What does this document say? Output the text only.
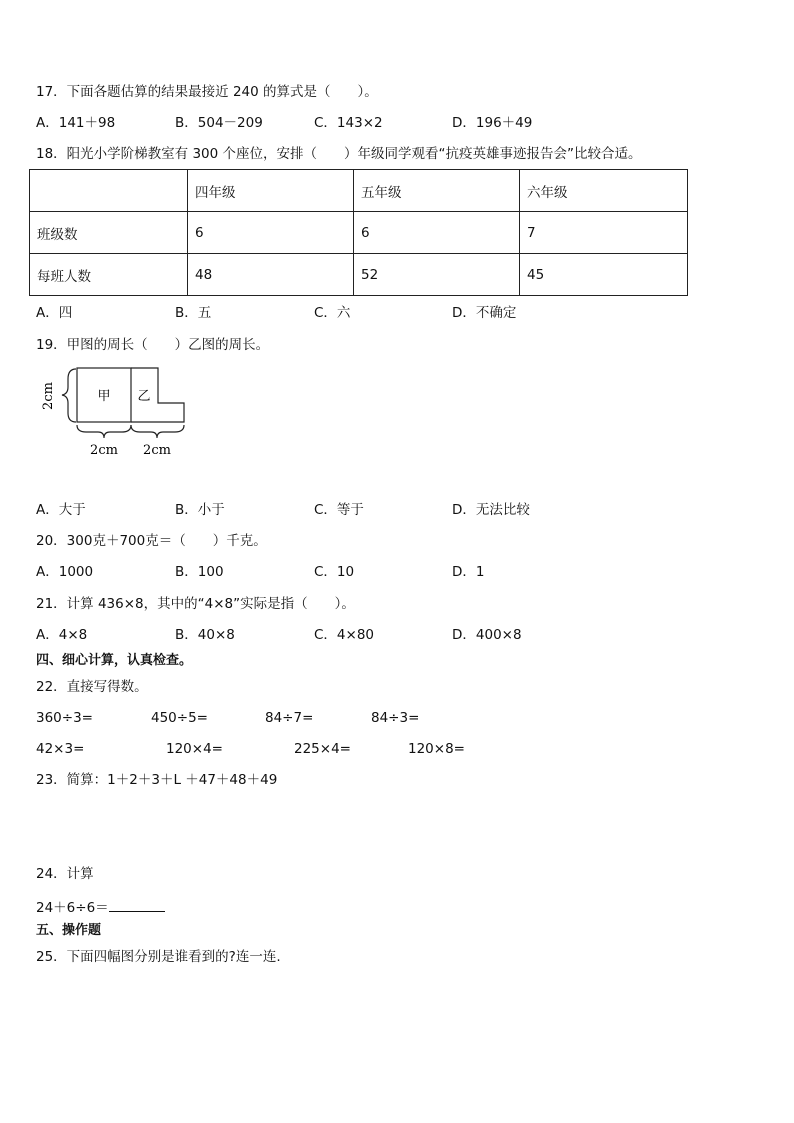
17．下面各题估算的结果最接近 240 的算式是（　　）。
A．141＋98	B．504－209	C．143×2	D．196＋49
18．阳光小学阶梯教室有 300 个座位，安排（　　）年级同学观看“抗疫英雄事迹报告会”比较合适。
	四年级	五年级	六年级
班级数	6	6	7
每班人数	48	52	45
A．四	B．五	C．六	D．不确定
19．甲图的周长（　　）乙图的周长。
2cm	甲 乙
2cm 2cm
A．大于	B．小于	C．等于	D．无法比较
20．300克＋700克＝（　　）千克。
A．1000	B．100	C．10	D．1
21．计算 436×8，其中的“4×8”实际是指（　　）。
A．4×8	B．40×8	C．4×80	D．400×8
四、细心计算，认真检查。
22．直接写得数。
360÷3=	450÷5=	84÷7=	84÷3=
42×3=	120×4=	225×4=	120×8=
23．简算：1＋2＋3＋L ＋47＋48＋49
24．计算
24＋6÷6＝
五、操作题
25．下面四幅图分别是谁看到的?连一连.
